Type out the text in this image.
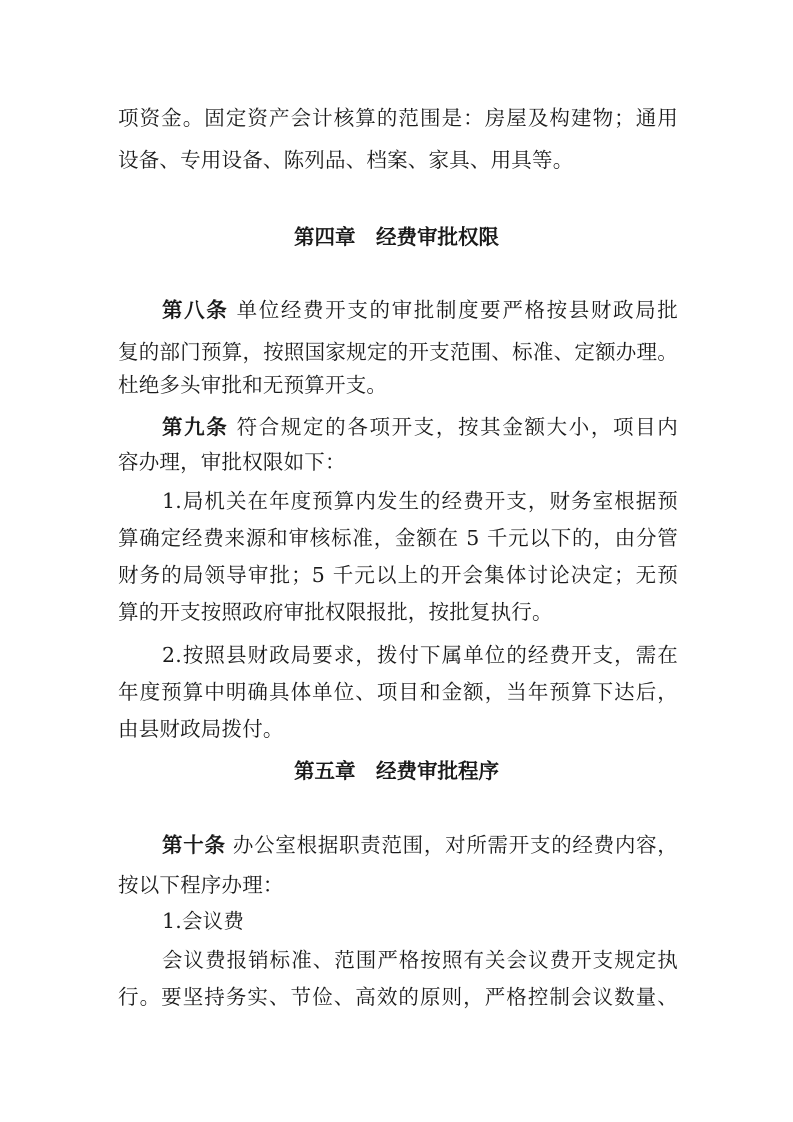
项资金。固定资产会计核算的范围是：房屋及构建物；通用
设备、专用设备、陈列品、档案、家具、用具等。
第四章　经费审批权限
第八条 单位经费开支的审批制度要严格按县财政局批
复的部门预算，按照国家规定的开支范围、标准、定额办理。
杜绝多头审批和无预算开支。
第九条 符合规定的各项开支，按其金额大小，项目内
容办理，审批权限如下：
1.局机关在年度预算内发生的经费开支，财务室根据预
算确定经费来源和审核标准，金额在 5 千元以下的，由分管
财务的局领导审批；5 千元以上的开会集体讨论决定；无预
算的开支按照政府审批权限报批，按批复执行。
2.按照县财政局要求，拨付下属单位的经费开支，需在
年度预算中明确具体单位、项目和金额，当年预算下达后，
由县财政局拨付。
第五章　经费审批程序
第十条 办公室根据职责范围，对所需开支的经费内容，
按以下程序办理：
1.会议费
会议费报销标准、范围严格按照有关会议费开支规定执
行。要坚持务实、节俭、高效的原则，严格控制会议数量、
